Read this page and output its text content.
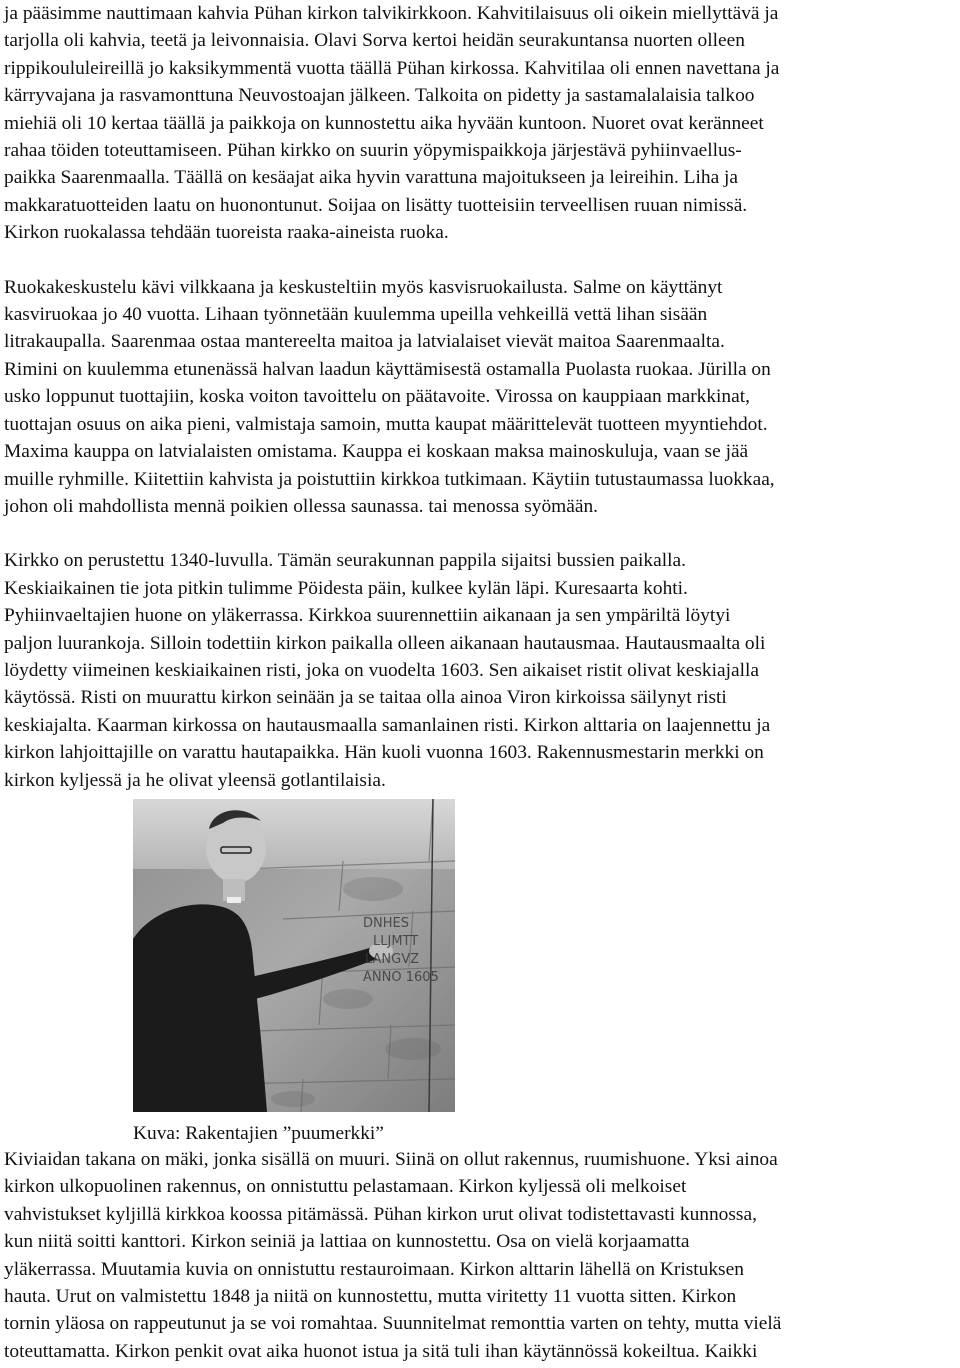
ja pääsimme nauttimaan kahvia Pühan kirkon talvikirkkoon. Kahvitilaisuus oli oikein miellyttävä ja
tarjolla oli kahvia, teetä ja leivonnaisia. Olavi Sorva kertoi heidän seurakuntansa nuorten olleen
rippikoululeireillä jo kaksikymmentä vuotta täällä Pühan kirkossa. Kahvitilaa oli ennen navettana ja
kärryvajana ja rasvamonttuna Neuvostoajan jälkeen. Talkoita on pidetty ja sastamalalaisia talkoo
miehiä oli 10 kertaa täällä ja paikkoja on kunnostettu aika hyvään kuntoon. Nuoret ovat keränneet
rahaa töiden toteuttamiseen. Pühan kirkko on suurin yöpymispaikkoja järjestävä pyhiinvaellus-
paikka Saarenmaalla. Täällä on kesäajat aika hyvin varattuna majoitukseen ja leireihin. Liha ja
makkaratuotteiden laatu on huonontunut. Soijaa on lisätty tuotteisiin terveellisen ruuan nimissä.
Kirkon ruokalassa tehdään tuoreista raaka-aineista ruoka.

Ruokakeskustelu kävi vilkkaana ja keskusteltiin myös kasvisruokailusta. Salme on käyttänyt
kasviruokaa jo 40 vuotta. Lihaan työnnetään kuulemma upeilla vehkeillä vettä lihan sisään
litrakaupalla. Saarenmaa ostaa mantereelta maitoa ja latvialaiset vievät maitoa Saarenmaalta.
Rimini on kuulemma etunenässä halvan laadun käyttämisestä ostamalla Puolasta ruokaa. Jürilla on
usko loppunut tuottajiin, koska voiton tavoittelu on päätavoite. Virossa on kauppiaan markkinat,
tuottajan osuus on aika pieni, valmistaja samoin, mutta kaupat määrittelevät tuotteen myyntiehdot.
Maxima kauppa on latvialaisten omistama. Kauppa ei koskaan maksa mainoskuluja, vaan se jää
muille ryhmille. Kiitettiin kahvista ja poistuttiin kirkkoa tutkimaan. Käytiin tutustaumassa luokkaa,
johon oli mahdollista mennä poikien ollessa saunassa. tai menossa syömään.

Kirkko on perustettu 1340-luvulla. Tämän seurakunnan pappila sijaitsi bussien paikalla.
Keskiaikainen tie jota pitkin tulimme Pöidesta päin, kulkee kylän läpi. Kuresaarta kohti.
Pyhiinvaeltajien huone on yläkerrassa. Kirkkoa suurennettiin aikanaan ja sen ympäriltä löytyi
paljon luurankoja. Silloin todettiin kirkon paikalla olleen aikanaan hautausmaa. Hautausmaalta oli
löydetty viimeinen keskiaikainen risti, joka on vuodelta 1603. Sen aikaiset ristit olivat keskiajalla
käytössä. Risti on muurattu kirkon seinään ja se taitaa olla ainoa Viron kirkoissa säilynyt risti
keskiajalta. Kaarman kirkossa on hautausmaalla samanlainen risti. Kirkon alttaria on laajennettu ja
kirkon lahjoittajille on varattu hautapaikka. Hän kuoli vuonna 1603. Rakennusmestarin merkki on
kirkon kyljessä ja he olivat yleensä gotlantilaisia.

DNHES
LLJMTT
LANGVZ
ANNO 1605
Kuva: Rakentajien ”puumerkki”

Kiviaidan takana on mäki, jonka sisällä on muuri. Siinä on ollut rakennus, ruumishuone. Yksi ainoa
kirkon ulkopuolinen rakennus, on onnistuttu pelastamaan. Kirkon kyljessä oli melkoiset
vahvistukset kyljillä kirkkoa koossa pitämässä. Pühan kirkon urut olivat todistettavasti kunnossa,
kun niitä soitti kanttori. Kirkon seiniä ja lattiaa on kunnostettu. Osa on vielä korjaamatta
yläkerrassa. Muutamia kuvia on onnistuttu restauroimaan. Kirkon alttarin lähellä on Kristuksen
hauta. Urut on valmistettu 1848 ja niitä on kunnostettu, mutta viritetty 11 vuotta sitten. Kirkon
tornin yläosa on rappeutunut ja se voi romahtaa. Suunnitelmat remonttia varten on tehty, mutta vielä
toteuttamatta. Kirkon penkit ovat aika huonot istua ja sitä tuli ihan käytännössä kokeiltua. Kaikki
